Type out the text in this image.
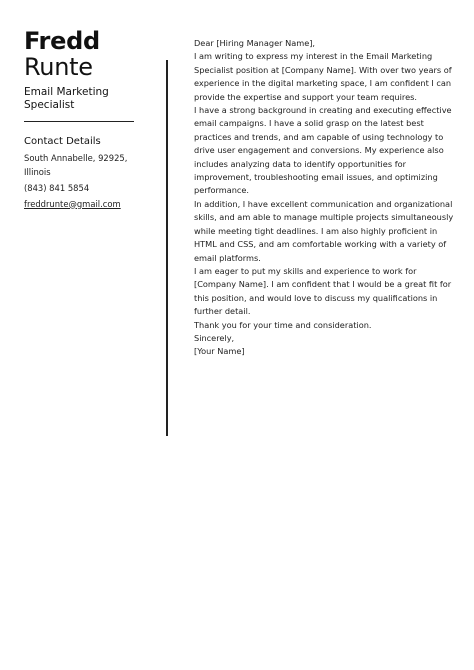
Fredd
Runte
Email Marketing
Specialist
Contact Details
South Annabelle, 92925,
Illinois
(843) 841 5854
freddrunte@gmail.com

Dear [Hiring Manager Name],

I am writing to express my interest in the Email Marketing
Specialist position at [Company Name]. With over two years of
experience in the digital marketing space, I am confident I can
provide the expertise and support your team requires.

I have a strong background in creating and executing effective
email campaigns. I have a solid grasp on the latest best
practices and trends, and am capable of using technology to
drive user engagement and conversions. My experience also
includes analyzing data to identify opportunities for
improvement, troubleshooting email issues, and optimizing
performance.

In addition, I have excellent communication and organizational
skills, and am able to manage multiple projects simultaneously
while meeting tight deadlines. I am also highly proficient in
HTML and CSS, and am comfortable working with a variety of
email platforms.

I am eager to put my skills and experience to work for
[Company Name]. I am confident that I would be a great fit for
this position, and would love to discuss my qualifications in
further detail.

Thank you for your time and consideration.

Sincerely,

[Your Name]
